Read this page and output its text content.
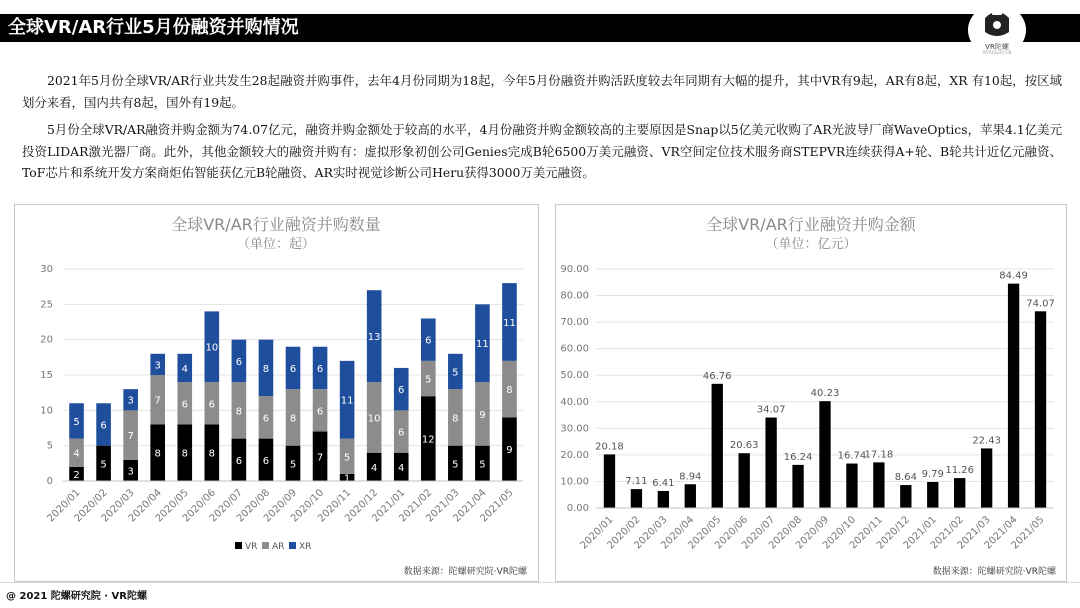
全球VR/AR行业5月份融资并购情况
VR陀螺
VRTUOLUO.CN
2021年5月份全球VR/AR行业共发生28起融资并购事件，去年4月份同期为18起，今年5月份融资并购活跃度较去年同期有大幅的提升，其中VR有9起，AR有8起，XR 有10起，按区域划分来看，国内共有8起，国外有19起。
5月份全球VR/AR融资并购金额为74.07亿元，融资并购金额处于较高的水平，4月份融资并购金额较高的主要原因是Snap以5亿美元收购了AR光波导厂商WaveOptics，苹果4.1亿美元投资LIDAR激光器厂商。此外，其他金额较大的融资并购有：虚拟形象初创公司Genies完成B轮6500万美元融资、VR空间定位技术服务商STEPVR连续获得A+轮、B轮共计近亿元融资、ToF芯片和系统开发方案商炬佑智能获亿元B轮融资、AR实时视觉诊断公司Heru获得3000万美元融资。
全球VR/AR行业融资并购数量
（单位：起）
0
5
10
15
20
25
30
2
4
5
2020/01
5
6
2020/02
3
7
3
2020/03
8
7
3
2020/04
8
6
4
2020/05
8
6
10
2020/06
6
8
6
2020/07
6
6
8
2020/08
5
8
6
2020/09
7
6
6
2020/10
1
5
11
2020/11
4
10
13
2020/12
4
6
6
2021/01
12
5
6
2021/02
5
8
5
2021/03
5
9
11
2021/04
9
8
11
2021/05
VR AR XR
数据来源：陀螺研究院·VR陀螺
全球VR/AR行业融资并购金额
（单位：亿元）
0.00
10.00
20.00
30.00
40.00
50.00
60.00
70.00
80.00
90.00
20.18
2020/01
7.11
2020/02
6.41
2020/03
8.94
2020/04
46.76
2020/05
20.63
2020/06
34.07
2020/07
16.24
2020/08
40.23
2020/09
16.74
2020/10
17.18
2020/11
8.64
2020/12
9.79
2021/01
11.26
2021/02
22.43
2021/03
84.49
2021/04
74.07
2021/05
数据来源：陀螺研究院·VR陀螺
@ 2021 陀螺研究院 · VR陀螺
